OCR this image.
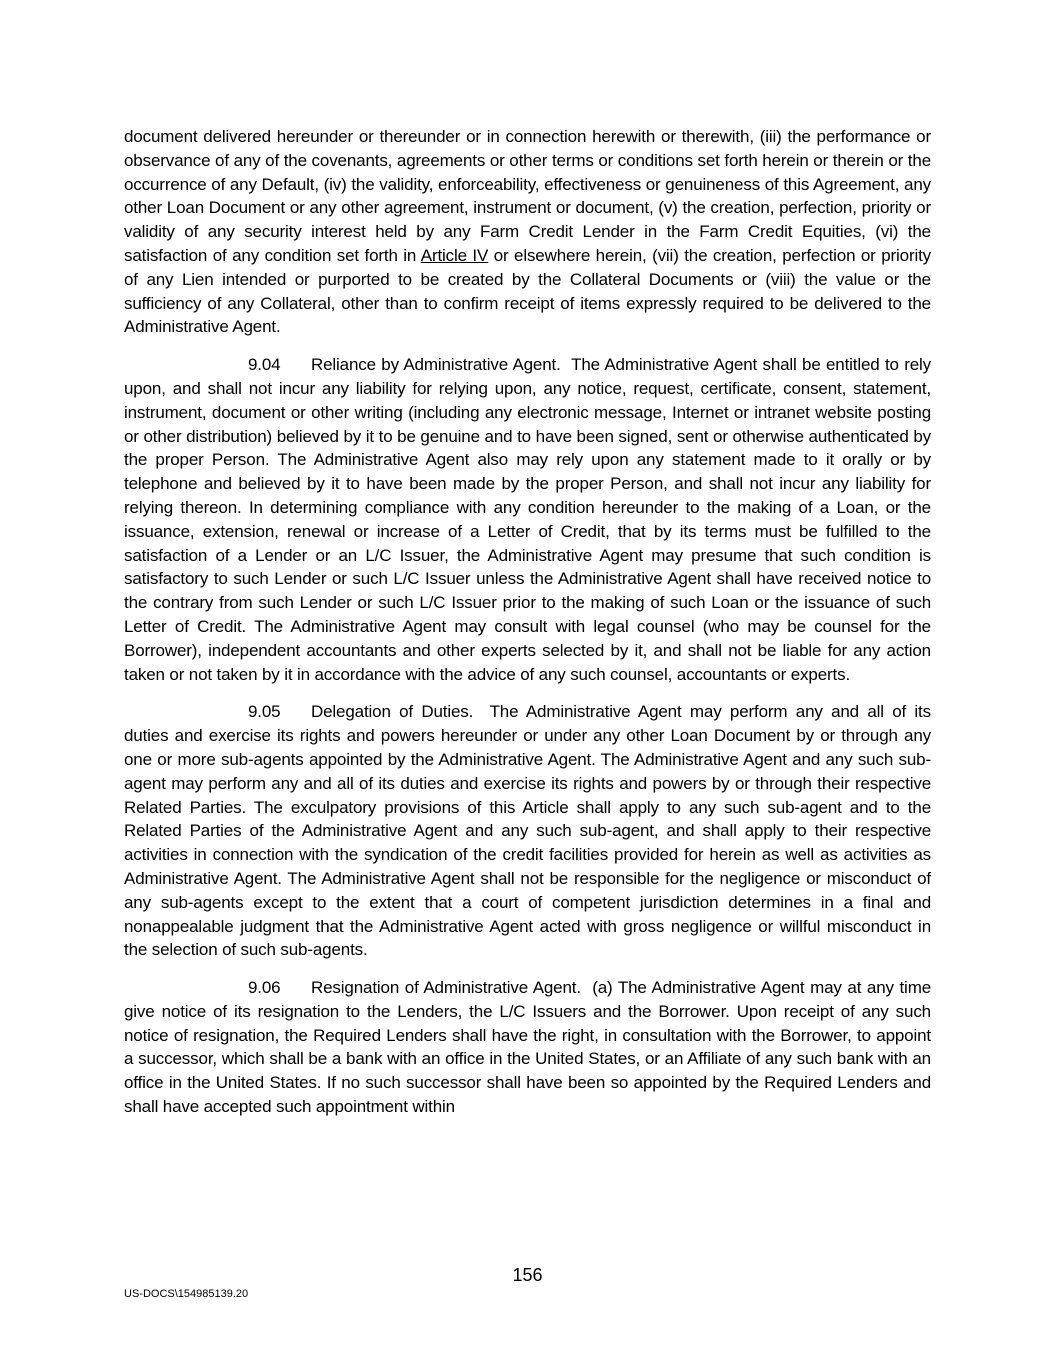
document delivered hereunder or thereunder or in connection herewith or therewith, (iii) the performance or observance of any of the covenants, agreements or other terms or conditions set forth herein or therein or the occurrence of any Default, (iv) the validity, enforceability, effectiveness or genuineness of this Agreement, any other Loan Document or any other agreement, instrument or document, (v) the creation, perfection, priority or validity of any security interest held by any Farm Credit Lender in the Farm Credit Equities, (vi) the satisfaction of any condition set forth in Article IV or elsewhere herein, (vii) the creation, perfection or priority of any Lien intended or purported to be created by the Collateral Documents or (viii) the value or the sufficiency of any Collateral, other than to confirm receipt of items expressly required to be delivered to the Administrative Agent.

9.04 Reliance by Administrative Agent. The Administrative Agent shall be entitled to rely upon, and shall not incur any liability for relying upon, any notice, request, certificate, consent, statement, instrument, document or other writing (including any electronic message, Internet or intranet website posting or other distribution) believed by it to be genuine and to have been signed, sent or otherwise authenticated by the proper Person. The Administrative Agent also may rely upon any statement made to it orally or by telephone and believed by it to have been made by the proper Person, and shall not incur any liability for relying thereon. In determining compliance with any condition hereunder to the making of a Loan, or the issuance, extension, renewal or increase of a Letter of Credit, that by its terms must be fulfilled to the satisfaction of a Lender or an L/C Issuer, the Administrative Agent may presume that such condition is satisfactory to such Lender or such L/C Issuer unless the Administrative Agent shall have received notice to the contrary from such Lender or such L/C Issuer prior to the making of such Loan or the issuance of such Letter of Credit. The Administrative Agent may consult with legal counsel (who may be counsel for the Borrower), independent accountants and other experts selected by it, and shall not be liable for any action taken or not taken by it in accordance with the advice of any such counsel, accountants or experts.

9.05 Delegation of Duties. The Administrative Agent may perform any and all of its duties and exercise its rights and powers hereunder or under any other Loan Document by or through any one or more sub-agents appointed by the Administrative Agent. The Administrative Agent and any such sub-agent may perform any and all of its duties and exercise its rights and powers by or through their respective Related Parties. The exculpatory provisions of this Article shall apply to any such sub-agent and to the Related Parties of the Administrative Agent and any such sub-agent, and shall apply to their respective activities in connection with the syndication of the credit facilities provided for herein as well as activities as Administrative Agent. The Administrative Agent shall not be responsible for the negligence or misconduct of any sub-agents except to the extent that a court of competent jurisdiction determines in a final and nonappealable judgment that the Administrative Agent acted with gross negligence or willful misconduct in the selection of such sub-agents.

9.06 Resignation of Administrative Agent. (a) The Administrative Agent may at any time give notice of its resignation to the Lenders, the L/C Issuers and the Borrower. Upon receipt of any such notice of resignation, the Required Lenders shall have the right, in consultation with the Borrower, to appoint a successor, which shall be a bank with an office in the United States, or an Affiliate of any such bank with an office in the United States. If no such successor shall have been so appointed by the Required Lenders and shall have accepted such appointment within

156
US-DOCS\154985139.20
